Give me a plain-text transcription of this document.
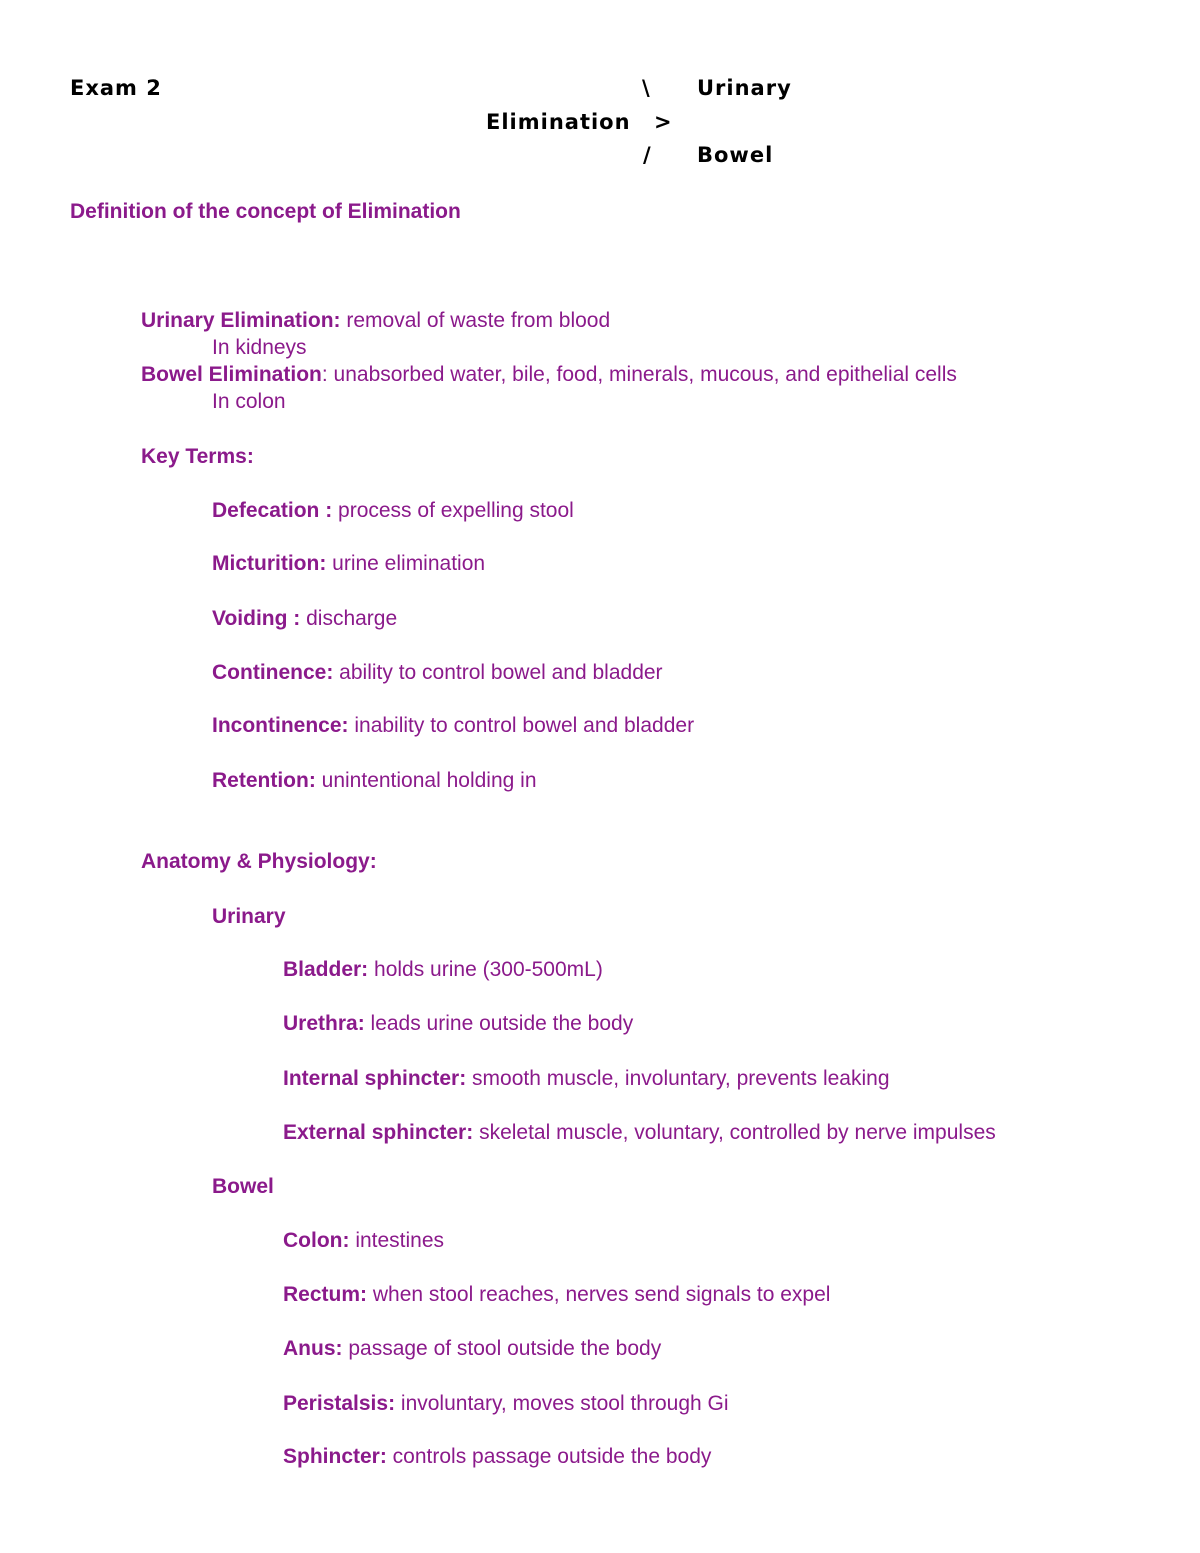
Exam 2	\ Urinary
Elimination >
/ Bowel
Definition of the concept of Elimination
Urinary Elimination: removal of waste from blood
In kidneys
Bowel Elimination: unabsorbed water, bile, food, minerals, mucous, and epithelial cells
In colon
Key Terms:
Defecation : process of expelling stool
Micturition: urine elimination
Voiding : discharge
Continence: ability to control bowel and bladder
Incontinence: inability to control bowel and bladder
Retention: unintentional holding in
Anatomy & Physiology:
Urinary
Bladder: holds urine (300-500mL)
Urethra: leads urine outside the body
Internal sphincter: smooth muscle, involuntary, prevents leaking
External sphincter: skeletal muscle, voluntary, controlled by nerve impulses
Bowel
Colon: intestines
Rectum: when stool reaches, nerves send signals to expel
Anus: passage of stool outside the body
Peristalsis: involuntary, moves stool through Gi
Sphincter: controls passage outside the body
